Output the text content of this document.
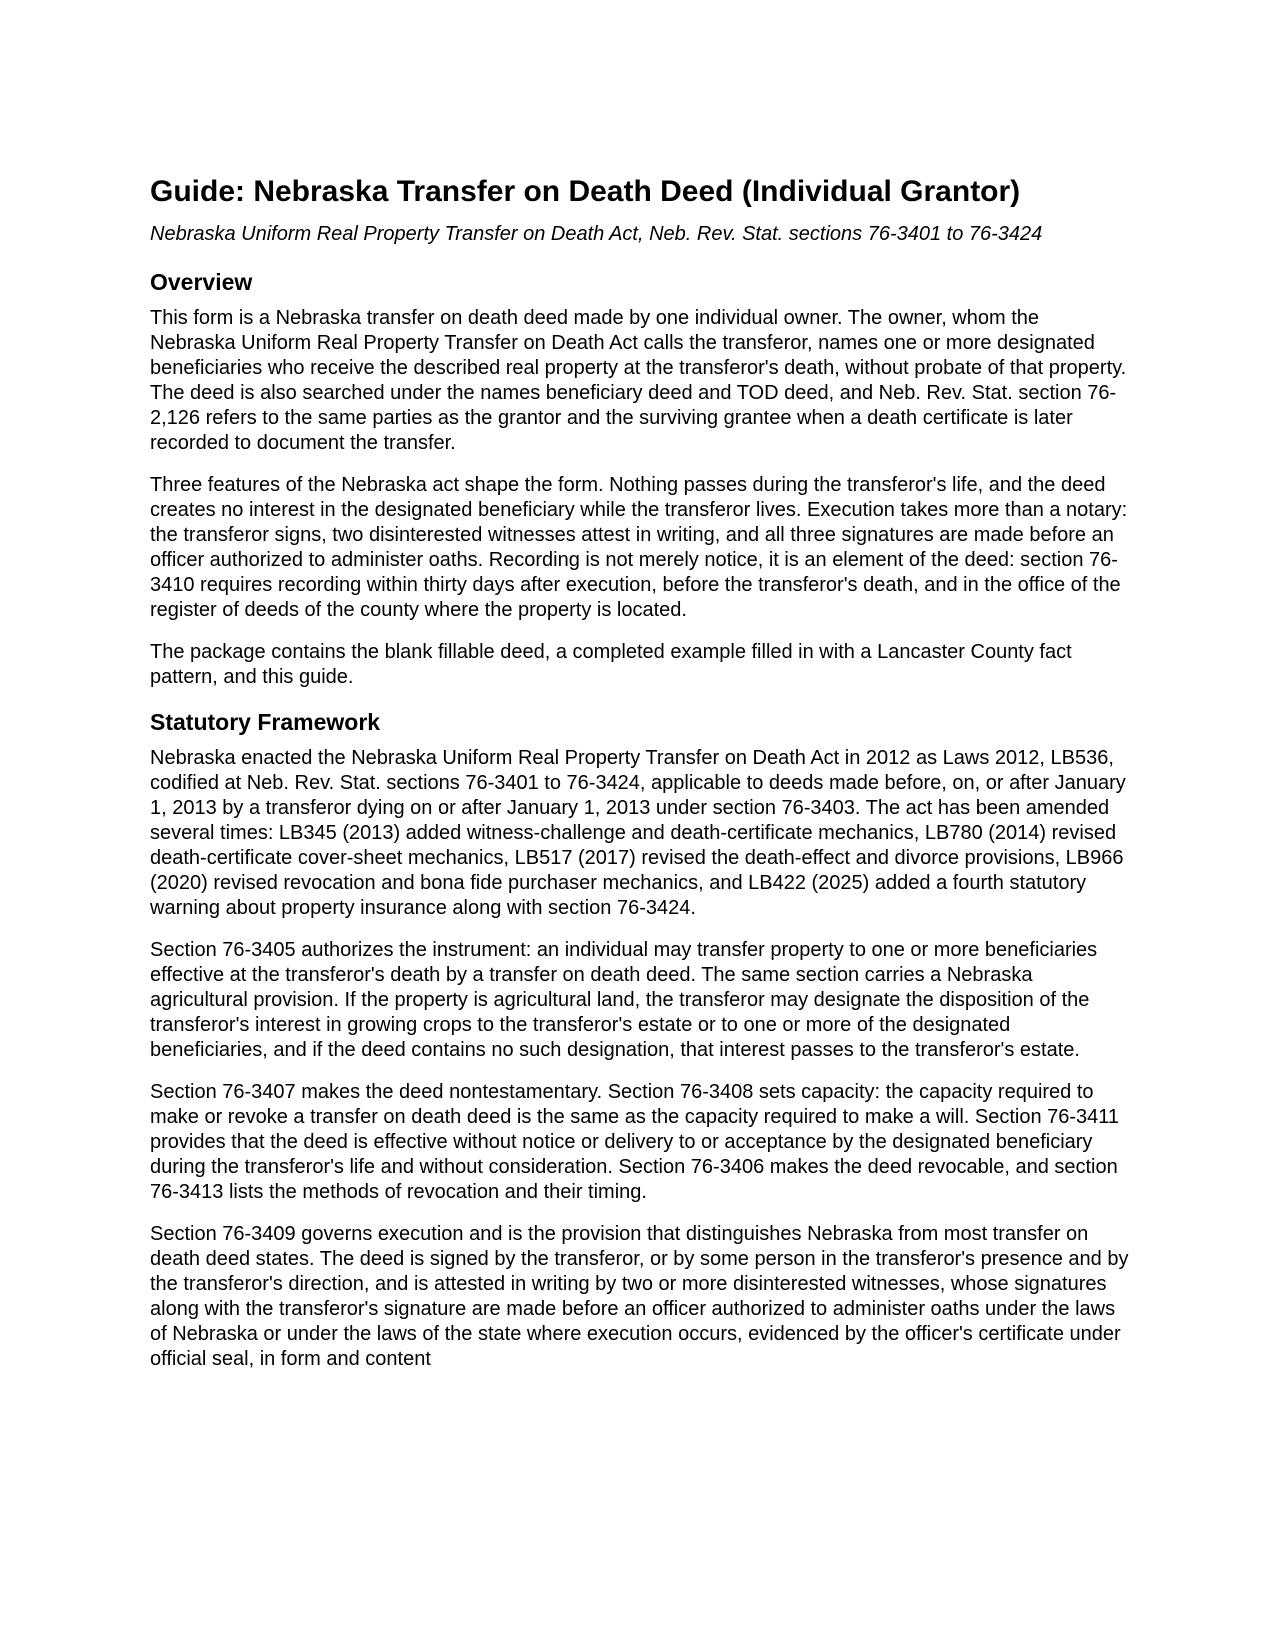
Guide: Nebraska Transfer on Death Deed (Individual Grantor)
Nebraska Uniform Real Property Transfer on Death Act, Neb. Rev. Stat. sections 76-3401 to 76-3424
Overview

This form is a Nebraska transfer on death deed made by one individual owner. The owner, whom the Nebraska Uniform Real Property Transfer on Death Act calls the transferor, names one or more designated beneficiaries who receive the described real property at the transferor's death, without probate of that property. The deed is also searched under the names beneficiary deed and TOD deed, and Neb. Rev. Stat. section 76-2,126 refers to the same parties as the grantor and the surviving grantee when a death certificate is later recorded to document the transfer.

Three features of the Nebraska act shape the form. Nothing passes during the transferor's life, and the deed creates no interest in the designated beneficiary while the transferor lives. Execution takes more than a notary: the transferor signs, two disinterested witnesses attest in writing, and all three signatures are made before an officer authorized to administer oaths. Recording is not merely notice, it is an element of the deed: section 76-3410 requires recording within thirty days after execution, before the transferor's death, and in the office of the register of deeds of the county where the property is located.

The package contains the blank fillable deed, a completed example filled in with a Lancaster County fact pattern, and this guide.

Statutory Framework

Nebraska enacted the Nebraska Uniform Real Property Transfer on Death Act in 2012 as Laws 2012, LB536, codified at Neb. Rev. Stat. sections 76-3401 to 76-3424, applicable to deeds made before, on, or after January 1, 2013 by a transferor dying on or after January 1, 2013 under section 76-3403. The act has been amended several times: LB345 (2013) added witness-challenge and death-certificate mechanics, LB780 (2014) revised death-certificate cover-sheet mechanics, LB517 (2017) revised the death-effect and divorce provisions, LB966 (2020) revised revocation and bona fide purchaser mechanics, and LB422 (2025) added a fourth statutory warning about property insurance along with section 76-3424.

Section 76-3405 authorizes the instrument: an individual may transfer property to one or more beneficiaries effective at the transferor's death by a transfer on death deed. The same section carries a Nebraska agricultural provision. If the property is agricultural land, the transferor may designate the disposition of the transferor's interest in growing crops to the transferor's estate or to one or more of the designated beneficiaries, and if the deed contains no such designation, that interest passes to the transferor's estate.

Section 76-3407 makes the deed nontestamentary. Section 76-3408 sets capacity: the capacity required to make or revoke a transfer on death deed is the same as the capacity required to make a will. Section 76-3411 provides that the deed is effective without notice or delivery to or acceptance by the designated beneficiary during the transferor's life and without consideration. Section 76-3406 makes the deed revocable, and section 76-3413 lists the methods of revocation and their timing.

Section 76-3409 governs execution and is the provision that distinguishes Nebraska from most transfer on death deed states. The deed is signed by the transferor, or by some person in the transferor's presence and by the transferor's direction, and is attested in writing by two or more disinterested witnesses, whose signatures along with the transferor's signature are made before an officer authorized to administer oaths under the laws of Nebraska or under the laws of the state where execution occurs, evidenced by the officer's certificate under official seal, in form and content
